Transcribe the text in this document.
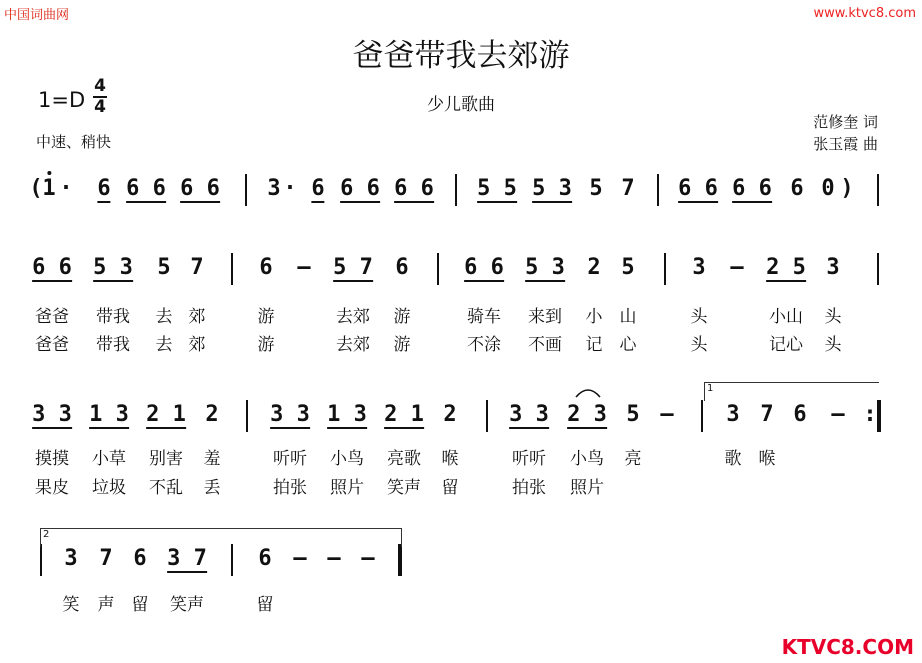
中国词曲网	www.ktvc8.com
爸爸带我去郊游
少儿歌曲
1=D
4
4
中速、稍快
范修奎 词
张玉霞 曲
( 1 · 6 6 6 6 6 3 · 6 6 6 6 6 5 5 5 3 5 7 6 6 6 6 6 0 )
6 6 5 3 5 7	6 – 5 7 6	6 6 5 3 2 5	3 – 2 5 3
爸爸 带我 去 郊	游	去郊 游	骑车 来到 小 山	头	小山 头
爸爸 带我 去 郊	游	去郊 游	不涂 不画 记 心	头	记心 头
3 3 1 3 2 1 2 3 3 1 3 2 1 2 3 3 2 3 5 – 3 7 6 – :
摸摸 小草 别害 羞	听听 小鸟 亮歌 喉	听听 小鸟 亮	歌 喉
果皮 垃圾 不乱 丢	拍张 照片 笑声 留	拍张 照片
1
3 7 6 3 7 6 – – –
笑 声 留 笑声	留
2
KTVC8.COM
